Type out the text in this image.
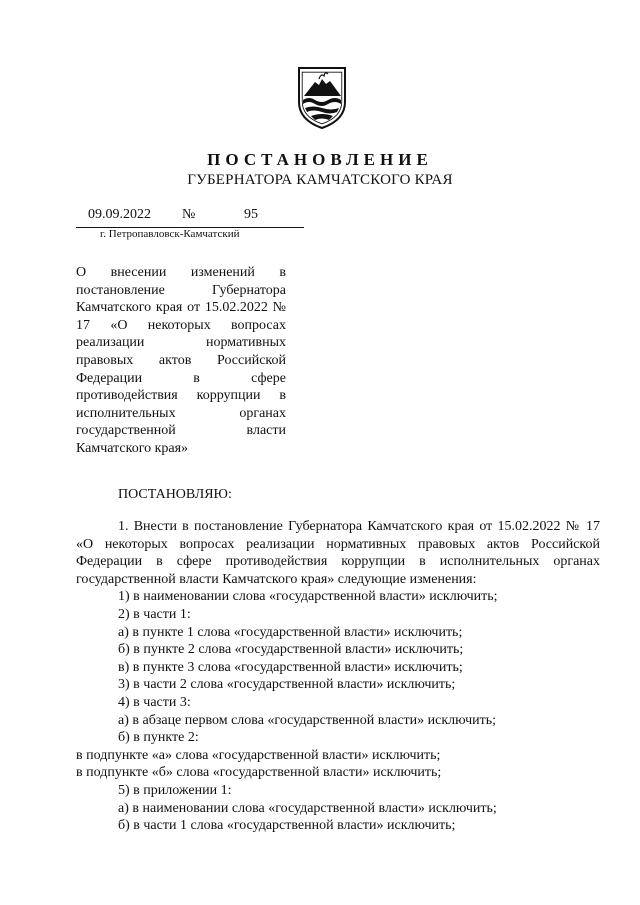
ПОСТАНОВЛЕНИЕ
ГУБЕРНАТОРА КАМЧАТСКОГО КРАЯ
09.09.2022 №	95
г. Петропавловск-Камчатский
О внесении изменений в постановление Губернатора Камчатского края от 15.02.2022 № 17 «О некоторых вопросах реализации нормативных правовых актов Российской Федерации в сфере противодействия коррупции в исполнительных органах государственной власти Камчатского края»
ПОСТАНОВЛЯЮ:

1. Внести в постановление Губернатора Камчатского края от 15.02.2022 № 17 «О некоторых вопросах реализации нормативных правовых актов Российской Федерации в сфере противодействия коррупции в исполнительных органах государственной власти Камчатского края» следующие изменения:

1) в наименовании слова «государственной власти» исключить;

2) в части 1:

а) в пункте 1 слова «государственной власти» исключить;

б) в пункте 2 слова «государственной власти» исключить;

в) в пункте 3 слова «государственной власти» исключить;

3) в части 2 слова «государственной власти» исключить;

4) в части 3:

а) в абзаце первом слова «государственной власти» исключить;

б) в пункте 2:

в подпункте «а» слова «государственной власти» исключить;

в подпункте «б» слова «государственной власти» исключить;

5) в приложении 1:

а) в наименовании слова «государственной власти» исключить;

б) в части 1 слова «государственной власти» исключить;
